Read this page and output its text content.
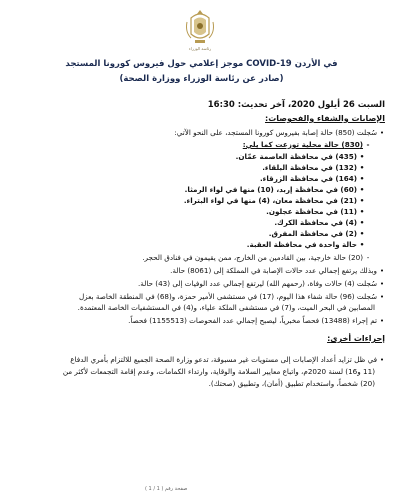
رئاسة الوزراء
موجز إعلامي حول فيروس كورونا المستجد COVID-19 في الأردن
(صادر عن رئاسة الوزراء ووزارة الصحة)
السبت 26 أيلول 2020، آخر تحديث: 16:30
الإصابات والشفاء والفحوصات:
•سُجلت (850) حالة إصابة بفيروس كورونا المستجد، على النحو الآتي:
-(830) حالة محلية توزعت كما يلي:
•(435) في محافظة العاصمة عمّان.
•(132) في محافظة البلقاء.
•(164) في محافظة الزرقاء.
•(60) في محافظة إربد، (10) منها في لواء الرمثا.
•(21) في محافظة معان، (4) منها في لواء البتراء.
•(11) في محافظة عجلون.
•(4) في محافظة الكرك.
•(2) في محافظة المفرق.
•حالة واحدة في محافظة العقبة.
-(20) حالة خارجية، بين القادمين من الخارج، ممن يقيمون في فنادق الحجر.
•وبذلك يرتفع إجمالي عدد حالات الإصابة في المملكة إلى (8061) حالة.
•سُجلت (4) حالات وفاة، (رحمهم الله) ليرتفع إجمالي عدد الوفيات إلى (43) حالة.
•سُجلت (96) حالة شفاء هذا اليوم، (17) في مستشفى الأمير حمزة، و(68) في المنطقة الخاصة بعزل
المصابين في البحر الميت، و(7) في مستشفى الملكة علياء، و(4) في المستشفيات الخاصة المعتمدة.
•تم إجراء (13488) فحصاً مخبرياً، ليصبح إجمالي عدد الفحوصات (1155513) فحصاً.
إجراءات أخرى:
•في ظل تزايد أعداد الإصابات إلى مستويات غير مسبوقة، تدعو وزارة الصحة الجميع للالتزام بأمري الدفاع
(11 و16) لسنة 2020م، واتباع معايير السلامة والوقاية، وارتداء الكمامات، وعدم إقامة التجمعات لأكثر من
(20) شخصاً، واستخدام تطبيق (أمان)، وتطبيق (صحتك).
صفحة رقم ( 1 / 1 )
